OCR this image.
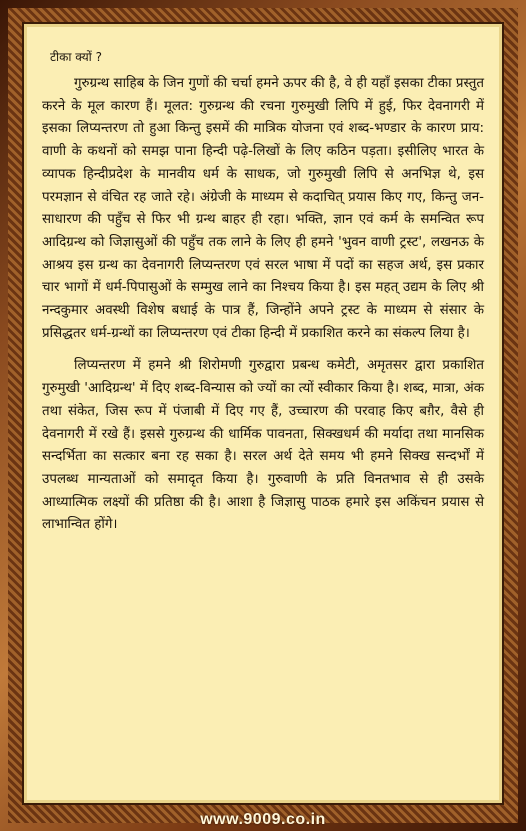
टीका क्यों ?

गुरुग्रन्थ साहिब के जिन गुणों की चर्चा हमने ऊपर की है, वे ही यहाँ इसका टीका प्रस्तुत करने के मूल कारण हैं। मूलत: गुरुग्रन्थ की रचना गुरुमुखी लिपि में हुई, फिर देवनागरी में इसका लिप्यन्तरण तो हुआ किन्तु इसमें की मात्रिक योजना एवं शब्द-भण्डार के कारण प्राय: वाणी के कथनों को समझ पाना हिन्दी पढ़े-लिखों के लिए कठिन पड़ता। इसीलिए भारत के व्यापक हिन्दीप्रदेश के मानवीय धर्म के साधक, जो गुरुमुखी लिपि से अनभिज्ञ थे, इस परमज्ञान से वंचित रह जाते रहे। अंग्रेजी के माध्यम से कदाचित् प्रयास किए गए, किन्तु जन-साधारण की पहुँच से फिर भी ग्रन्थ बाहर ही रहा। भक्ति, ज्ञान एवं कर्म के समन्वित रूप आदिग्रन्थ को जिज्ञासुओं की पहुँच तक लाने के लिए ही हमने 'भुवन वाणी ट्रस्ट', लखनऊ के आश्रय इस ग्रन्थ का देवनागरी लिप्यन्तरण एवं सरल भाषा में पदों का सहज अर्थ, इस प्रकार चार भागों में धर्म-पिपासुओं के सम्मुख लाने का निश्चय किया है। इस महत् उद्यम के लिए श्री नन्दकुमार अवस्थी विशेष बधाई के पात्र हैं, जिन्होंने अपने ट्रस्ट के माध्यम से संसार के प्रसिद्धतर धर्म-ग्रन्थों का लिप्यन्तरण एवं टीका हिन्दी में प्रकाशित करने का संकल्प लिया है।

लिप्यन्तरण में हमने श्री शिरोमणी गुरुद्वारा प्रबन्ध कमेटी, अमृतसर द्वारा प्रकाशित गुरुमुखी 'आदिग्रन्थ' में दिए शब्द-विन्यास को ज्यों का त्यों स्वीकार किया है। शब्द, मात्रा, अंक तथा संकेत, जिस रूप में पंजाबी में दिए गए हैं, उच्चारण की परवाह किए बग़ैर, वैसे ही देवनागरी में रखे हैं। इससे गुरुग्रन्थ की धार्मिक पावनता, सिक्खधर्म की मर्यादा तथा मानसिक सन्दर्भिता का सत्कार बना रह सका है। सरल अर्थ देते समय भी हमने सिक्ख सन्दर्भों में उपलब्ध मान्यताओं को समादृत किया है। गुरुवाणी के प्रति विनतभाव से ही उसके आध्यात्मिक लक्ष्यों की प्रतिष्ठा की है। आशा है जिज्ञासु पाठक हमारे इस अकिंचन प्रयास से लाभान्वित होंगे।

www.9009.co.in
